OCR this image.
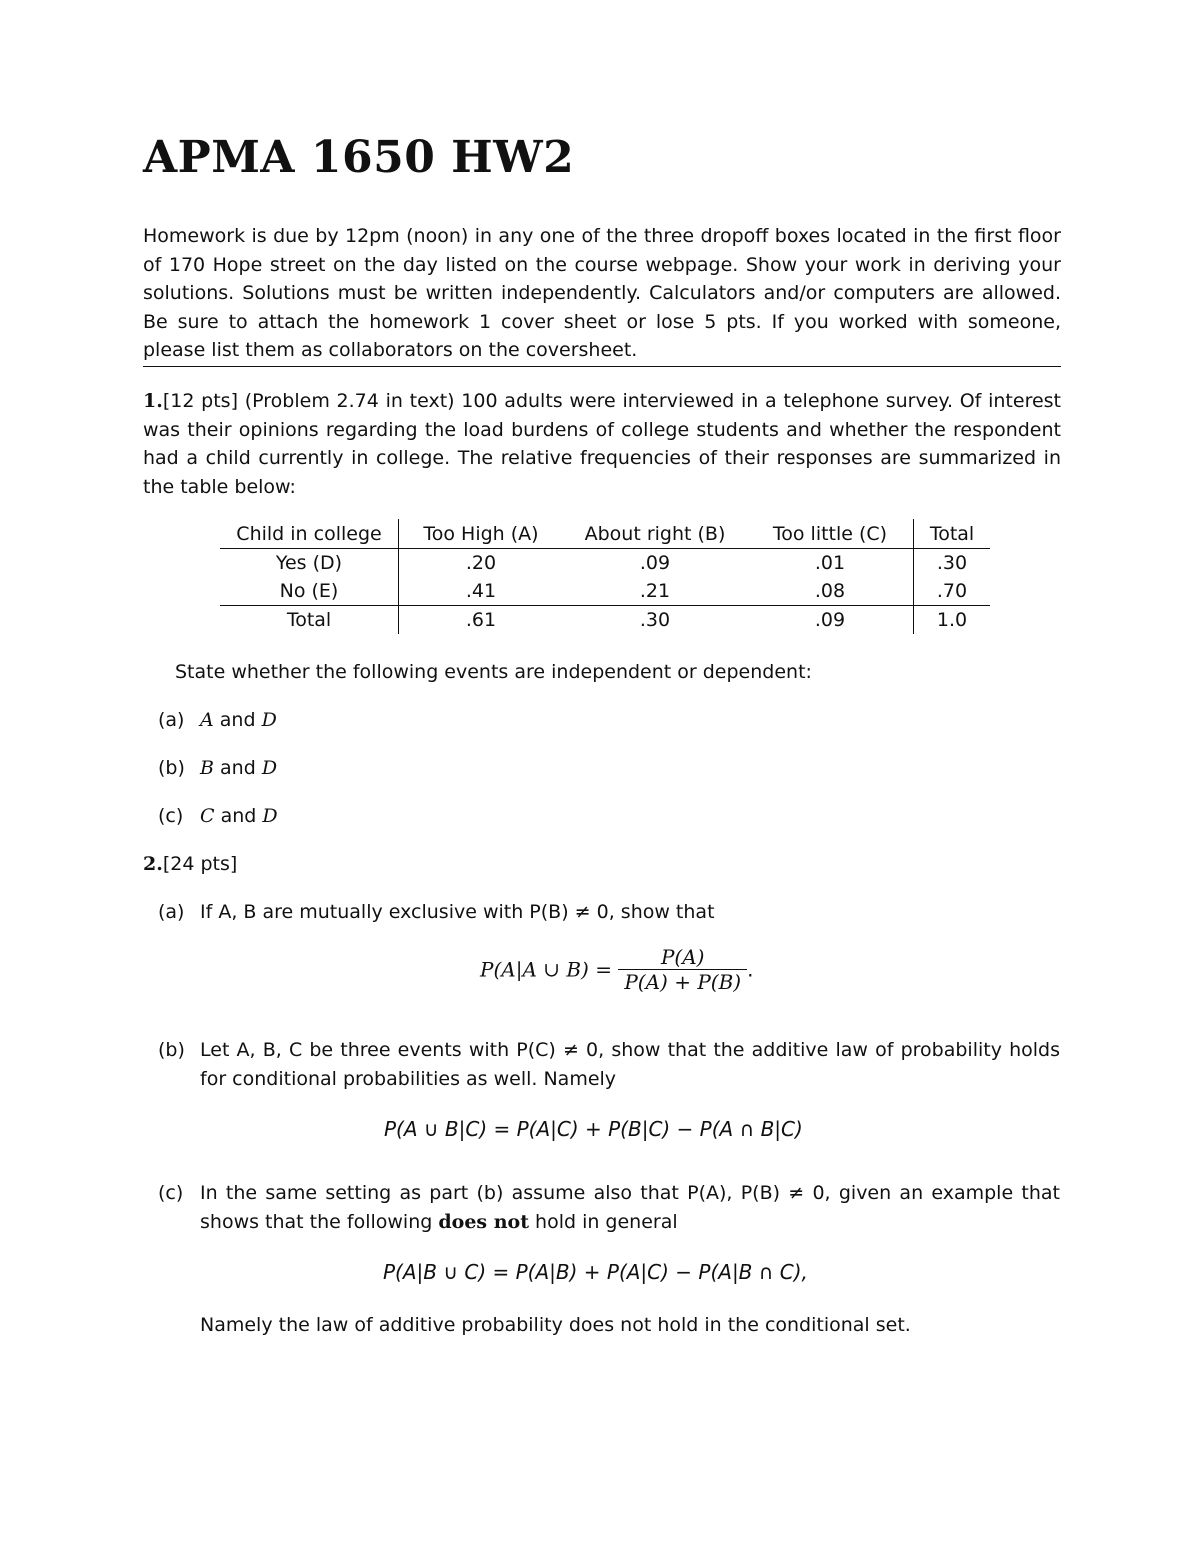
APMA 1650 HW2
Homework is due by 12pm (noon) in any one of the three dropoff boxes located in the first floor of 170 Hope street on the day listed on the course webpage. Show your work in deriving your solutions. Solutions must be written independently. Calculators and/or computers are allowed. Be sure to attach the homework 1 cover sheet or lose 5 pts. If you worked with someone, please list them as collaborators on the coversheet.
1.[12 pts] (Problem 2.74 in text) 100 adults were interviewed in a telephone survey. Of interest was their opinions regarding the load burdens of college students and whether the respondent had a child currently in college. The relative frequencies of their responses are summarized in the table below:
Child in college	Too High (A)	About right (B)	Too little (C)	Total
Yes (D)	.20	.09	.01	.30
No (E)	.41	.21	.08	.70
Total	.61	.30	.09	1.0
State whether the following events are independent or dependent:
(a) A and D
(b) B and D
(c) C and D
2.[24 pts]
(a) If A, B are mutually exclusive with P(B) ≠ 0, show that
P(A|A ∪ $B) = \frac{P(A)}{P(A) + P(B)}$ .
(b) Let A, B, C be three events with P(C) ≠ 0, show that the additive law of probability holds for conditional probabilities as well. Namely
P(A ∪ B|C) = P(A|C) + P(B|C) − P(A ∩ B|C)
(c) In the same setting as part (b) assume also that P(A), P(B) ≠ 0, given an example that shows that the following does not hold in general
P(A|B ∪ C) = P(A|B) + P(A|C) − P(A|B ∩ C),
Namely the law of additive probability does not hold in the conditional set.
